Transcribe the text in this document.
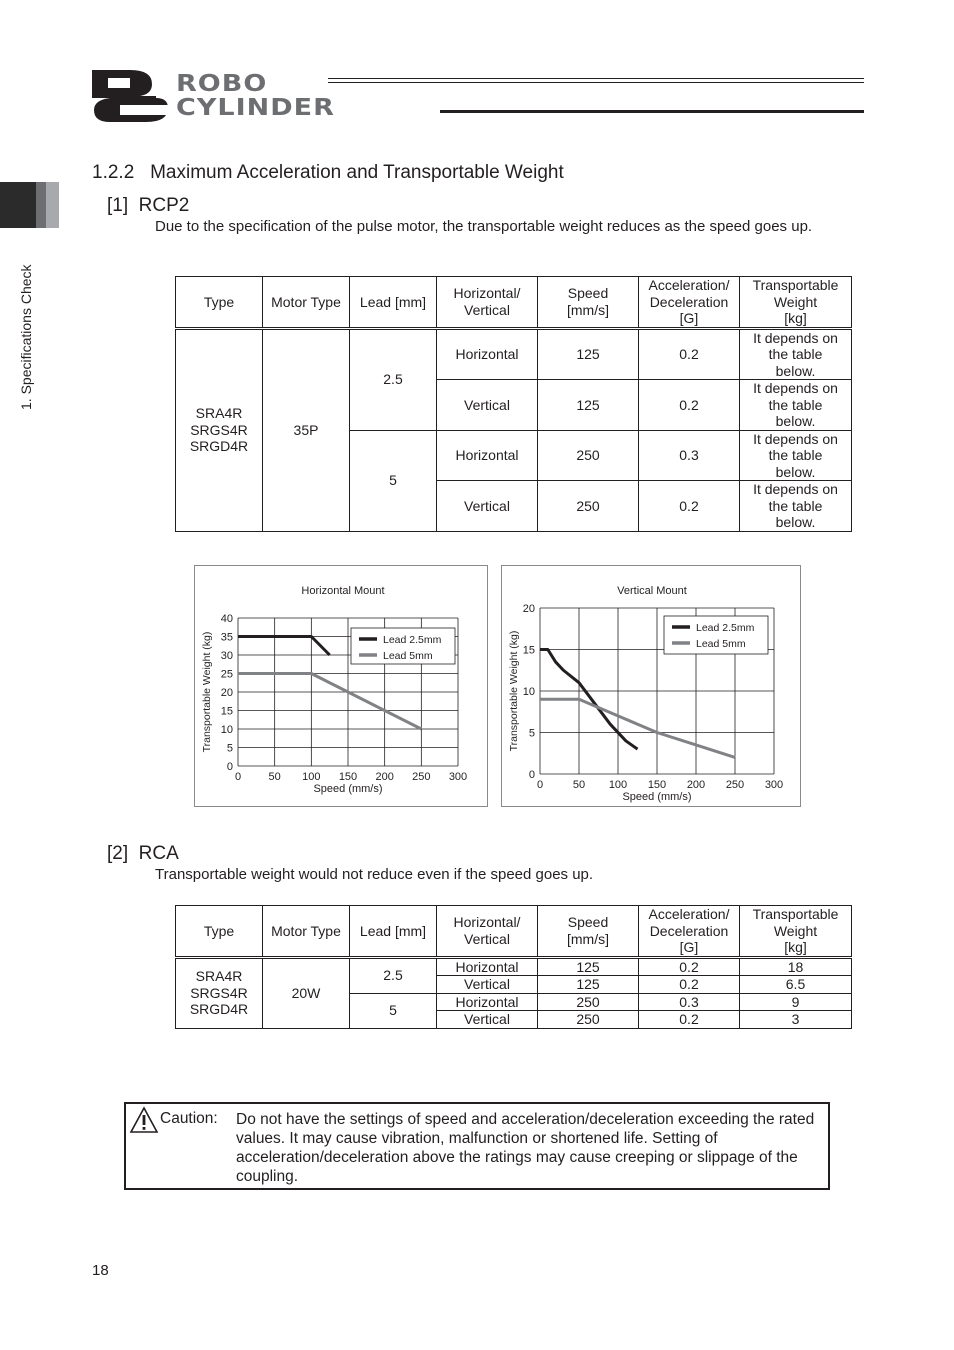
ROBO
CYLINDER
1. Specifications Check
1.2.2   Maximum Acceleration and Transportable Weight
[1]  RCP2

Due to the specification of the pulse motor, the transportable weight reduces as the speed goes up.

Type	Motor Type	Lead [mm]	Horizontal/
Vertical	Speed
[mm/s]	Acceleration/
Deceleration
[G]	Transportable
Weight
[kg]
SRA4R
SRGS4R
SRGD4R	35P	2.5	Horizontal	125	0.2	It depends on
the table
below.
			Vertical	125	0.2	It depends on
the table
below.
		5	Horizontal	250	0.3	It depends on
the table
below.
			Vertical	250	0.2	It depends on
the table
below.
Horizontal Mount
0 50 100 150 200 250 300
0
5
10
15
20
25
30
35
40
Speed (mm/s)
Transportable Weight (kg)	Lead 2.5mm
Lead 5mm
Vertical Mount
0	50 100 150 200 250 300
0
5
10
15
20
Speed (mm/s)
Transportable Weight (kg)
Lead 2.5mm
Lead 5mm
[2]  RCA

Transportable weight would not reduce even if the speed goes up.

Type	Motor Type	Lead [mm]	Horizontal/
Vertical	Speed
[mm/s]	Acceleration/
Deceleration
[G]	Transportable
Weight
[kg]
SRA4R
SRGS4R
SRGD4R	20W	2.5	Horizontal	125	0.2	18
			Vertical	125	0.2	6.5
		5	Horizontal	250	0.3	9
			Vertical	250	0.2	3
Caution: Do not have the settings of speed and acceleration/deceleration exceeding the rated values. It may cause vibration, malfunction or shortened life. Setting of acceleration/deceleration above the ratings may cause creeping or slippage of the coupling.
18
